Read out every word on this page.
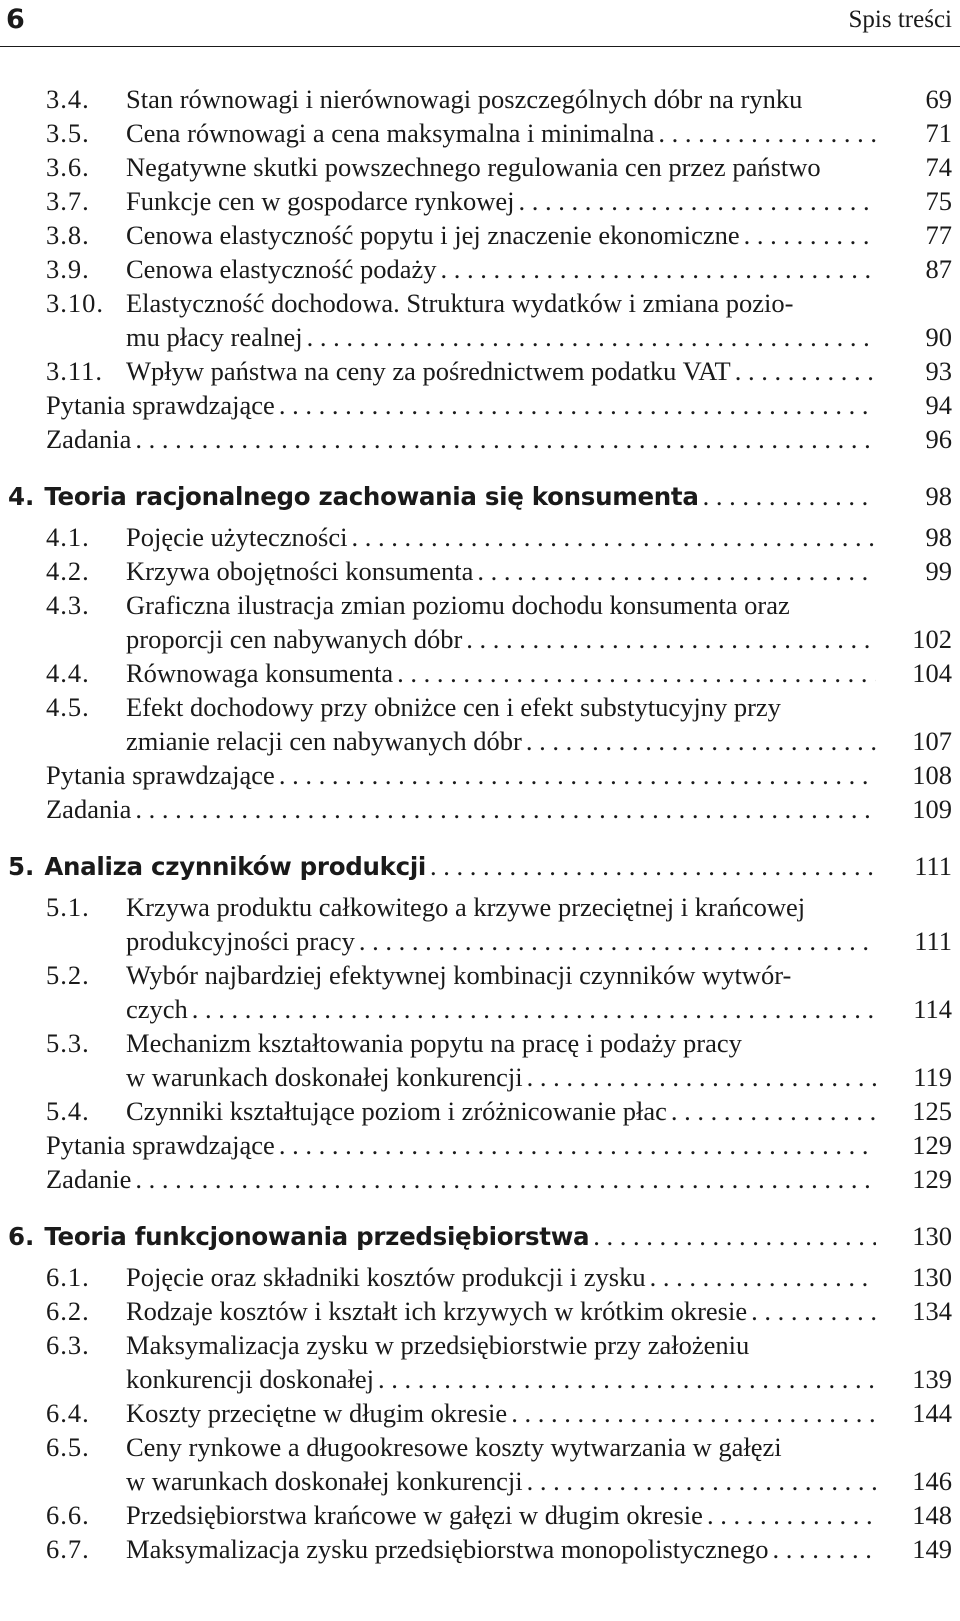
6	Spis treści
3.4. Stan równowagi i nierównowagi poszczególnych dóbr na rynku	69
3.5. Cena równowagi a cena maksymalna i minimalna . . .	71
3.6. Negatywne skutki powszechnego regulowania cen przez państwo	74
3.7. Funkcje cen w gospodarce rynkowej . . .	75
3.8. Cenowa elastyczność popytu i jej znaczenie ekonomiczne . . .	77
3.9. Cenowa elastyczność podaży . . .	87
3.10. Elastyczność dochodowa. Struktura wydatków i zmiana pozio-
mu płacy realnej . . .	90
3.11. Wpływ państwa na ceny za pośrednictwem podatku VAT . . .	93
Pytania sprawdzające . . .	94
Zadania . . .	96
4. Teoria racjonalnego zachowania się konsumenta . . .	98
4.1. Pojęcie użyteczności . . .	98
4.2. Krzywa obojętności konsumenta . . .	99
4.3. Graficzna ilustracja zmian poziomu dochodu konsumenta oraz
proporcji cen nabywanych dóbr . . .	102
4.4. Równowaga konsumenta . . .	104
4.5. Efekt dochodowy przy obniżce cen i efekt substytucyjny przy
zmianie relacji cen nabywanych dóbr . . .	107
Pytania sprawdzające . . .	108
Zadania . . .	109
5. Analiza czynników produkcji . . .	111
5.1. Krzywa produktu całkowitego a krzywe przeciętnej i krańcowej
produkcyjności pracy . . .	111
5.2. Wybór najbardziej efektywnej kombinacji czynników wytwór-
czych . . .	114
5.3. Mechanizm kształtowania popytu na pracę i podaży pracy
w warunkach doskonałej konkurencji . . .	119
5.4. Czynniki kształtujące poziom i zróżnicowanie płac . . .	125
Pytania sprawdzające . . .	129
Zadanie . . .	129
6. Teoria funkcjonowania przedsiębiorstwa . . .	130
6.1. Pojęcie oraz składniki kosztów produkcji i zysku . . .	130
6.2. Rodzaje kosztów i kształt ich krzywych w krótkim okresie . . .	134
6.3. Maksymalizacja zysku w przedsiębiorstwie przy założeniu
konkurencji doskonałej . . .	139
6.4. Koszty przeciętne w długim okresie . . .	144
6.5. Ceny rynkowe a długookresowe koszty wytwarzania w gałęzi
w warunkach doskonałej konkurencji . . .	146
6.6. Przedsiębiorstwa krańcowe w gałęzi w długim okresie . . .	148
6.7. Maksymalizacja zysku przedsiębiorstwa monopolistycznego . . .	149
